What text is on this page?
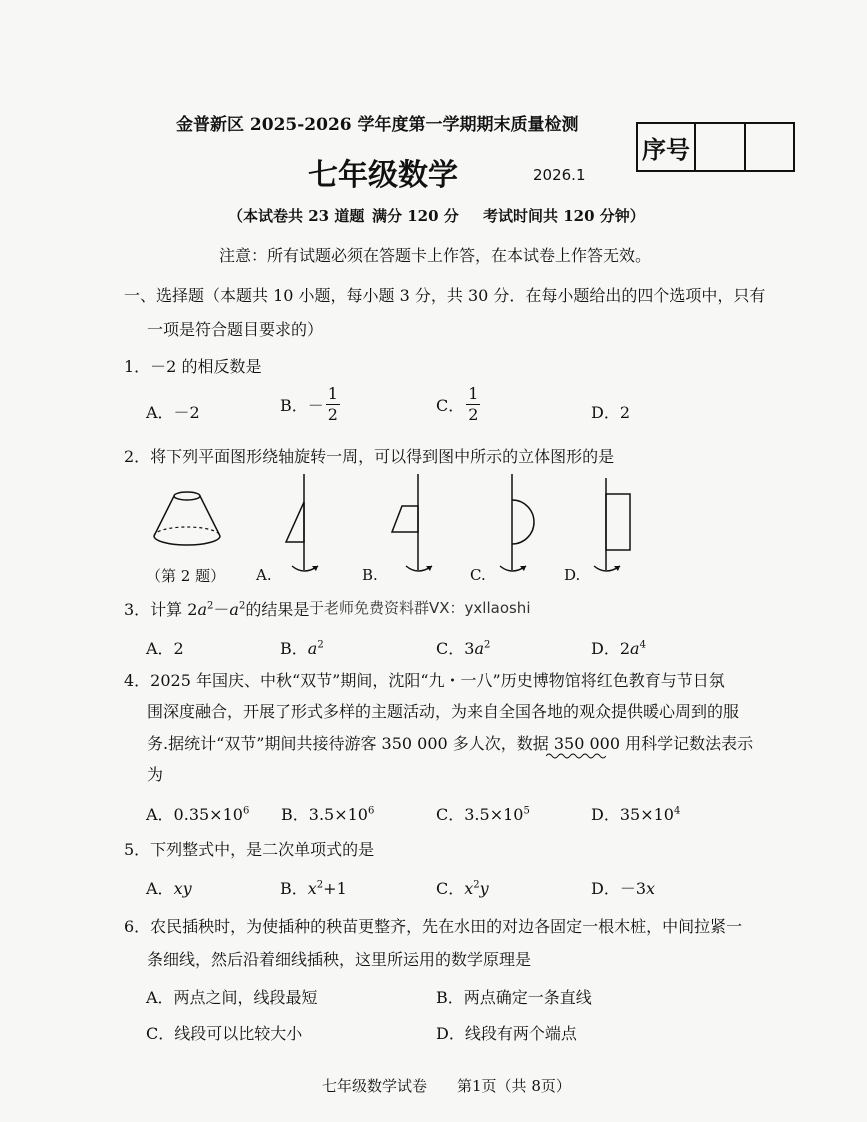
金普新区 2025-2026 学年度第一学期期末质量检测
序号
七年级数学	2026.1
（本试卷共 23 道题 满分 120 分 考试时间共 120 分钟）
注意：所有试题必须在答题卡上作答，在本试卷上作答无效。
一、选择题（本题共 10 小题，每小题 3 分，共 30 分．在每小题给出的四个选项中，只有
一项是符合题目要求的）
1．－2 的相反数是
A．－2	B．－ $\frac{1}{2}$	C． $\frac{1}{2}$	D．2
2．将下列平面图形绕轴旋转一周，可以得到图中所示的立体图形的是
（第 2 题） A.	B.	C.	D.
3．计算 $2a^2-a^2$的结果是 于老师免费资料群VX：yxllaoshi
A．2	B．$a^2$	C．$3a^2$	D．$2a^4$
4．2025 年国庆、中秋“双节”期间，沈阳“九・一八”历史博物馆将红色教育与节日氛
围深度融合，开展了形式多样的主题活动，为来自全国各地的观众提供暖心周到的服
务.据统计“双节”期间共接待游客 350 000 多人次，数据 350 000 用科学记数法表示
为
A．$0.35\times 10^6$ B．$3.5\times 10^6$	C．$3.5\times 10^5$	D．$35\times 10^4$
5．下列整式中，是二次单项式的是
A．xy	B．$x^2+1$	C．$x^2y$	D．－3x
6．农民插秧时，为使插种的秧苗更整齐，先在水田的对边各固定一根木桩，中间拉紧一
条细线，然后沿着细线插秧，这里所运用的数学原理是
A．两点之间，线段最短	B．两点确定一条直线
C．线段可以比较大小	D．线段有两个端点
七年级数学试卷　　第1页（共 8页）
